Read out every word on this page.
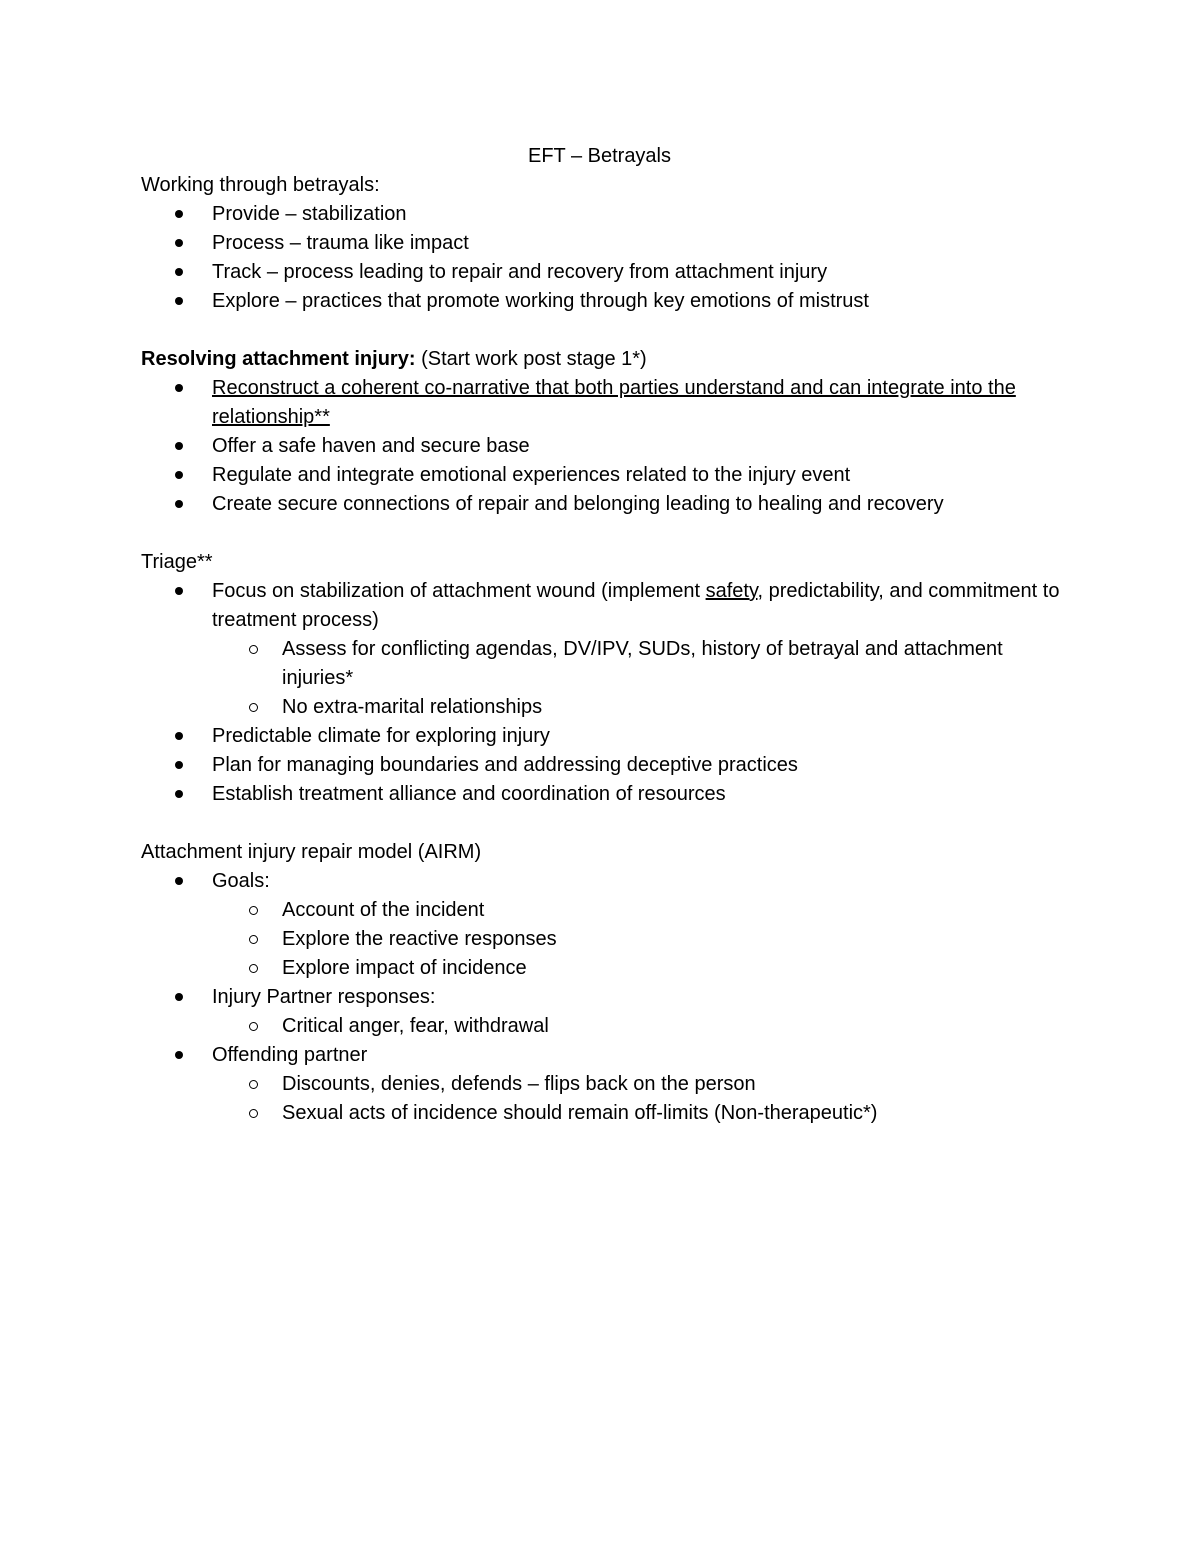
EFT – Betrayals
Working through betrayals:
Provide – stabilization
Process – trauma like impact
Track – process leading to repair and recovery from attachment injury
Explore – practices that promote working through key emotions of mistrust
Resolving attachment injury: (Start work post stage 1*)
Reconstruct a coherent co-narrative that both parties understand and can integrate into the relationship**
Offer a safe haven and secure base
Regulate and integrate emotional experiences related to the injury event
Create secure connections of repair and belonging leading to healing and recovery
Triage**
Focus on stabilization of attachment wound (implement safety, predictability, and commitment to treatment process)
Assess for conflicting agendas, DV/IPV, SUDs, history of betrayal and attachment injuries*
No extra-marital relationships
Predictable climate for exploring injury
Plan for managing boundaries and addressing deceptive practices
Establish treatment alliance and coordination of resources
Attachment injury repair model (AIRM)
Goals:
Account of the incident
Explore the reactive responses
Explore impact of incidence
Injury Partner responses:
Critical anger, fear, withdrawal
Offending partner
Discounts, denies, defends – flips back on the person
Sexual acts of incidence should remain off-limits (Non-therapeutic*)
